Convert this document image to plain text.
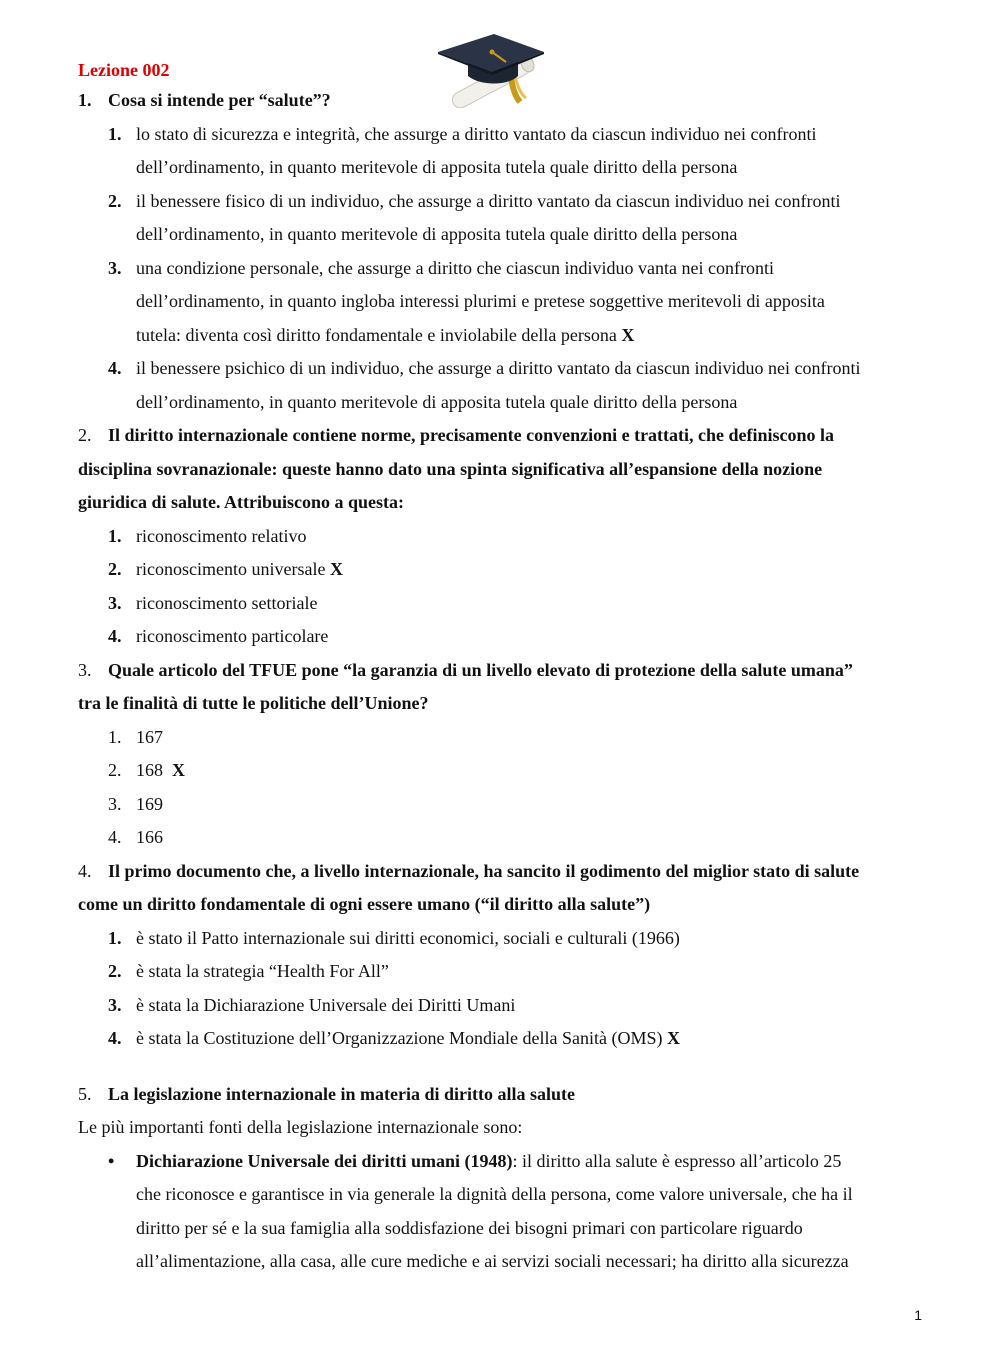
Lezione 002
1. Cosa si intende per “salute”?
1. lo stato di sicurezza e integrità, che assurge a diritto vantato da ciascun individuo nei confronti
dell’ordinamento, in quanto meritevole di apposita tutela quale diritto della persona
2. il benessere fisico di un individuo, che assurge a diritto vantato da ciascun individuo nei confronti
dell’ordinamento, in quanto meritevole di apposita tutela quale diritto della persona
3. una condizione personale, che assurge a diritto che ciascun individuo vanta nei confronti
dell’ordinamento, in quanto ingloba interessi plurimi e pretese soggettive meritevoli di apposita
tutela: diventa così diritto fondamentale e inviolabile della persona X
4. il benessere psichico di un individuo, che assurge a diritto vantato da ciascun individuo nei confronti
dell’ordinamento, in quanto meritevole di apposita tutela quale diritto della persona
2. Il diritto internazionale contiene norme, precisamente convenzioni e trattati, che definiscono la
disciplina sovranazionale: queste hanno dato una spinta significativa all’espansione della nozione
giuridica di salute. Attribuiscono a questa:
1. riconoscimento relativo
2. riconoscimento universale X
3. riconoscimento settoriale
4. riconoscimento particolare
3. Quale articolo del TFUE pone “la garanzia di un livello elevato di protezione della salute umana”
tra le finalità di tutte le politiche dell’Unione?
1. 167
2. 168 X
3. 169
4. 166
4. Il primo documento che, a livello internazionale, ha sancito il godimento del miglior stato di salute
come un diritto fondamentale di ogni essere umano (“il diritto alla salute”)
1. è stato il Patto internazionale sui diritti economici, sociali e culturali (1966)
2. è stata la strategia “Health For All”
3. è stata la Dichiarazione Universale dei Diritti Umani
4. è stata la Costituzione dell’Organizzazione Mondiale della Sanità (OMS) X
5. La legislazione internazionale in materia di diritto alla salute
Le più importanti fonti della legislazione internazionale sono:
• Dichiarazione Universale dei diritti umani (1948): il diritto alla salute è espresso all’articolo 25
che riconosce e garantisce in via generale la dignità della persona, come valore universale, che ha il
diritto per sé e la sua famiglia alla soddisfazione dei bisogni primari con particolare riguardo
all’alimentazione, alla casa, alle cure mediche e ai servizi sociali necessari; ha diritto alla sicurezza
1
